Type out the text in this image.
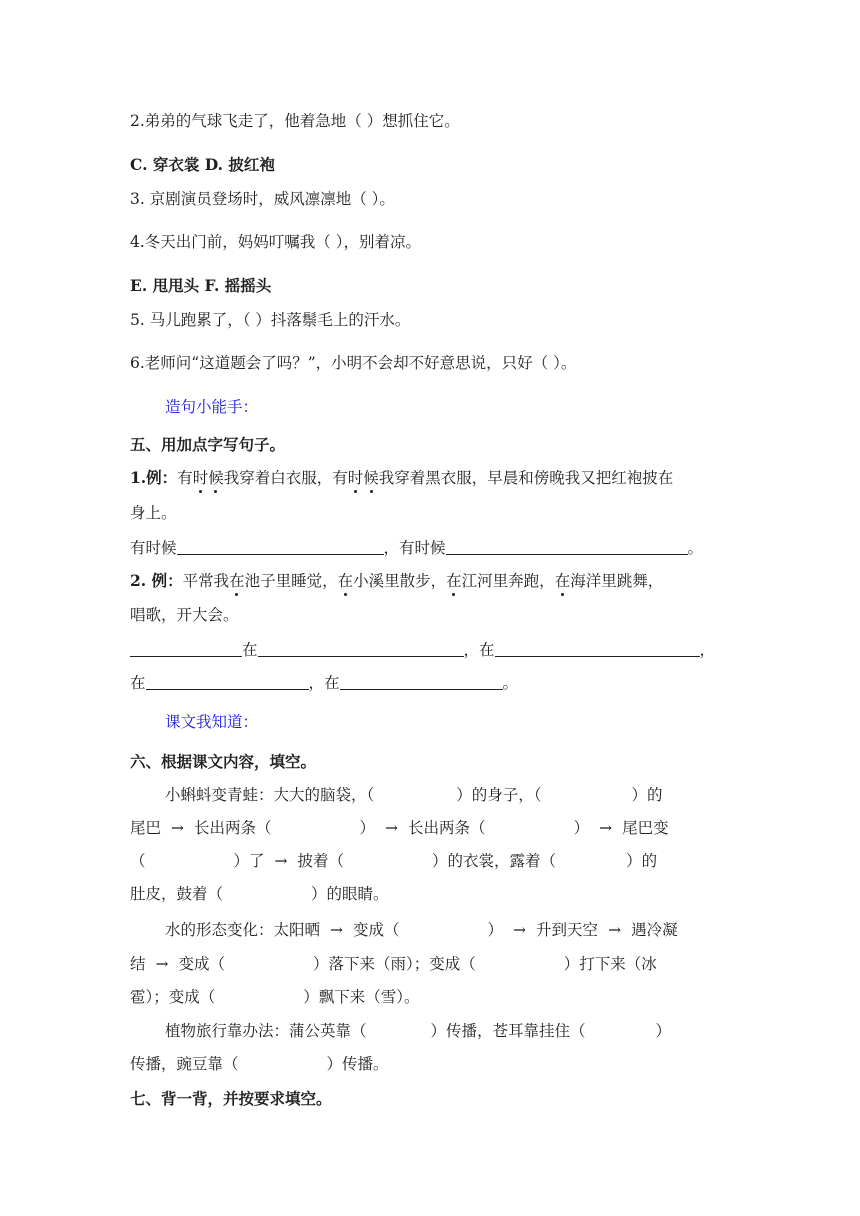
2.弟弟的气球飞走了，他着急地（ ）想抓住它。
C. 穿衣裳 D. 披红袍
3. 京剧演员登场时，威风凛凛地（ ）。
4.冬天出门前，妈妈叮嘱我（ ），别着凉。
E. 甩甩头 F. 摇摇头
5. 马儿跑累了，（ ）抖落鬃毛上的汗水。
6.老师问“这道题会了吗？”，小明不会却不好意思说，只好（ ）。
造句小能手：
五、用加点字写句子。
1.例：有时候我穿着白衣服，有时候我穿着黑衣服，早晨和傍晚我又把红袍披在
身上。
有时候	，有时候	。
2. 例：平常我在池子里睡觉，在小溪里散步，在江河里奔跑，在海洋里跳舞，
唱歌，开大会。
在	，在	，
在	，在	。
课文我知道：
六、根据课文内容，填空。
小蝌蚪变青蛙：大大的脑袋，（	）的身子，（	）的
尾巴 → 长出两条（	） → 长出两条（	） → 尾巴变
（	）了 → 披着（	）的衣裳，露着（	）的
肚皮，鼓着（	）的眼睛。
水的形态变化：太阳晒 → 变成（	） → 升到天空 → 遇冷凝
结 → 变成（	）落下来（雨）；变成（	）打下来（冰
雹）；变成（	）飘下来（雪）。
植物旅行靠办法：蒲公英靠（	）传播，苍耳靠挂住（	）
传播，豌豆靠（	）传播。
七、背一背，并按要求填空。
